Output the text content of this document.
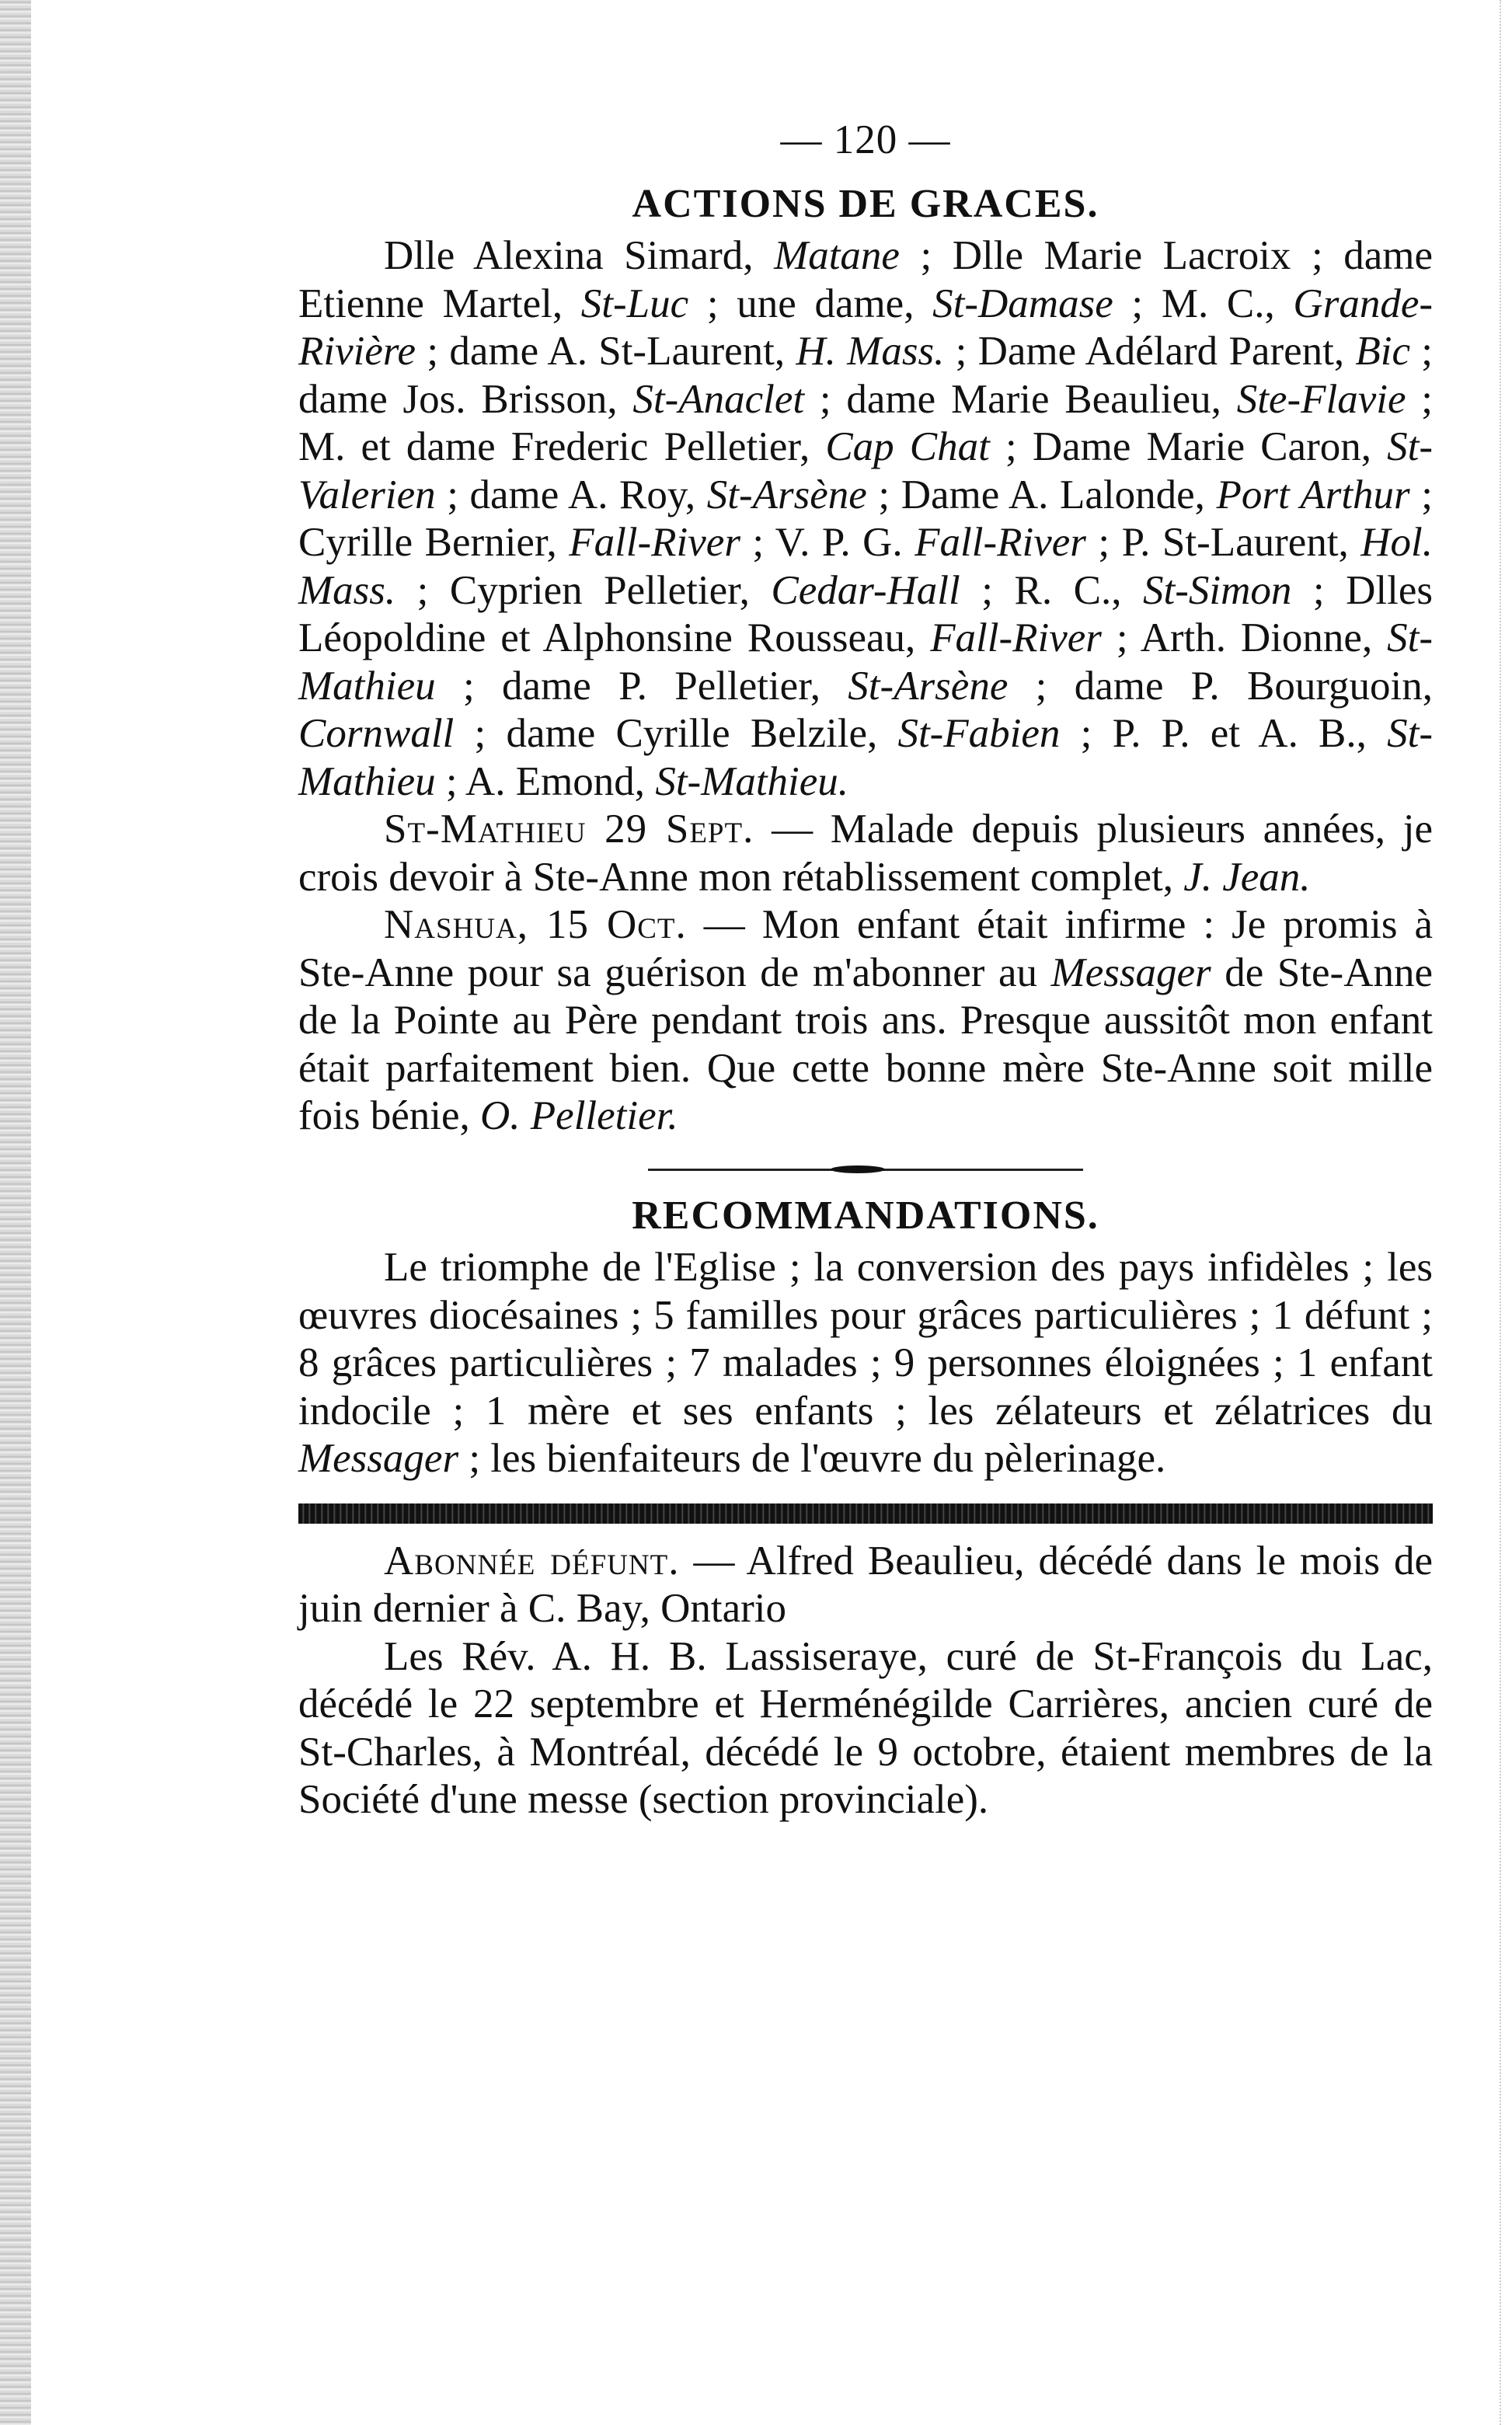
— 120 —
ACTIONS DE GRACES.

Dlle Alexina Simard, Matane ; Dlle Marie Lacroix ; dame Etienne Martel, St-Luc ; une dame, St-Damase ; M. C., Grande-Rivière ; dame A. St-Laurent, H. Mass. ; Dame Adélard Parent, Bic ; dame Jos. Brisson, St-Anaclet ; dame Marie Beaulieu, Ste-Flavie ; M. et dame Frederic Pelletier, Cap Chat ; Dame Marie Caron, St-Valerien ; dame A. Roy, St-Arsène ; Dame A. Lalonde, Port Arthur ; Cyrille Bernier, Fall-River ; V. P. G. Fall-River ; P. St-Laurent, Hol. Mass. ; Cyprien Pelletier, Cedar-Hall ; R. C., St-Simon ; Dlles Léopoldine et Alphonsine Rousseau, Fall-River ; Arth. Dionne, St-Mathieu ; dame P. Pelletier, St-Arsène ; dame P. Bourguoin, Cornwall ; dame Cyrille Belzile, St-Fabien ; P. P. et A. B., St-Mathieu ; A. Emond, St-Mathieu.

St-Mathieu 29 Sept. — Malade depuis plusieurs années, je crois devoir à Ste-Anne mon rétablissement complet, J. Jean.

Nashua, 15 Oct. — Mon enfant était infirme : Je promis à Ste-Anne pour sa guérison de m'abonner au Messager de Ste-Anne de la Pointe au Père pendant trois ans. Presque aussitôt mon enfant était parfaitement bien. Que cette bonne mère Ste-Anne soit mille fois bénie, O. Pelletier.

RECOMMANDATIONS.

Le triomphe de l'Eglise ; la conversion des pays infidèles ; les œuvres diocésaines ; 5 familles pour grâces particulières ; 1 défunt ; 8 grâces particulières ; 7 malades ; 9 personnes éloignées ; 1 enfant indocile ; 1 mère et ses enfants ; les zélateurs et zélatrices du Messager ; les bienfaiteurs de l'œuvre du pèlerinage.

Abonnée défunt. — Alfred Beaulieu, décédé dans le mois de juin dernier à C. Bay, Ontario

Les Rév. A. H. B. Lassiseraye, curé de St-François du Lac, décédé le 22 septembre et Herménégilde Carrières, ancien curé de St-Charles, à Montréal, décédé le 9 octobre, étaient membres de la Société d'une messe (section provinciale).
